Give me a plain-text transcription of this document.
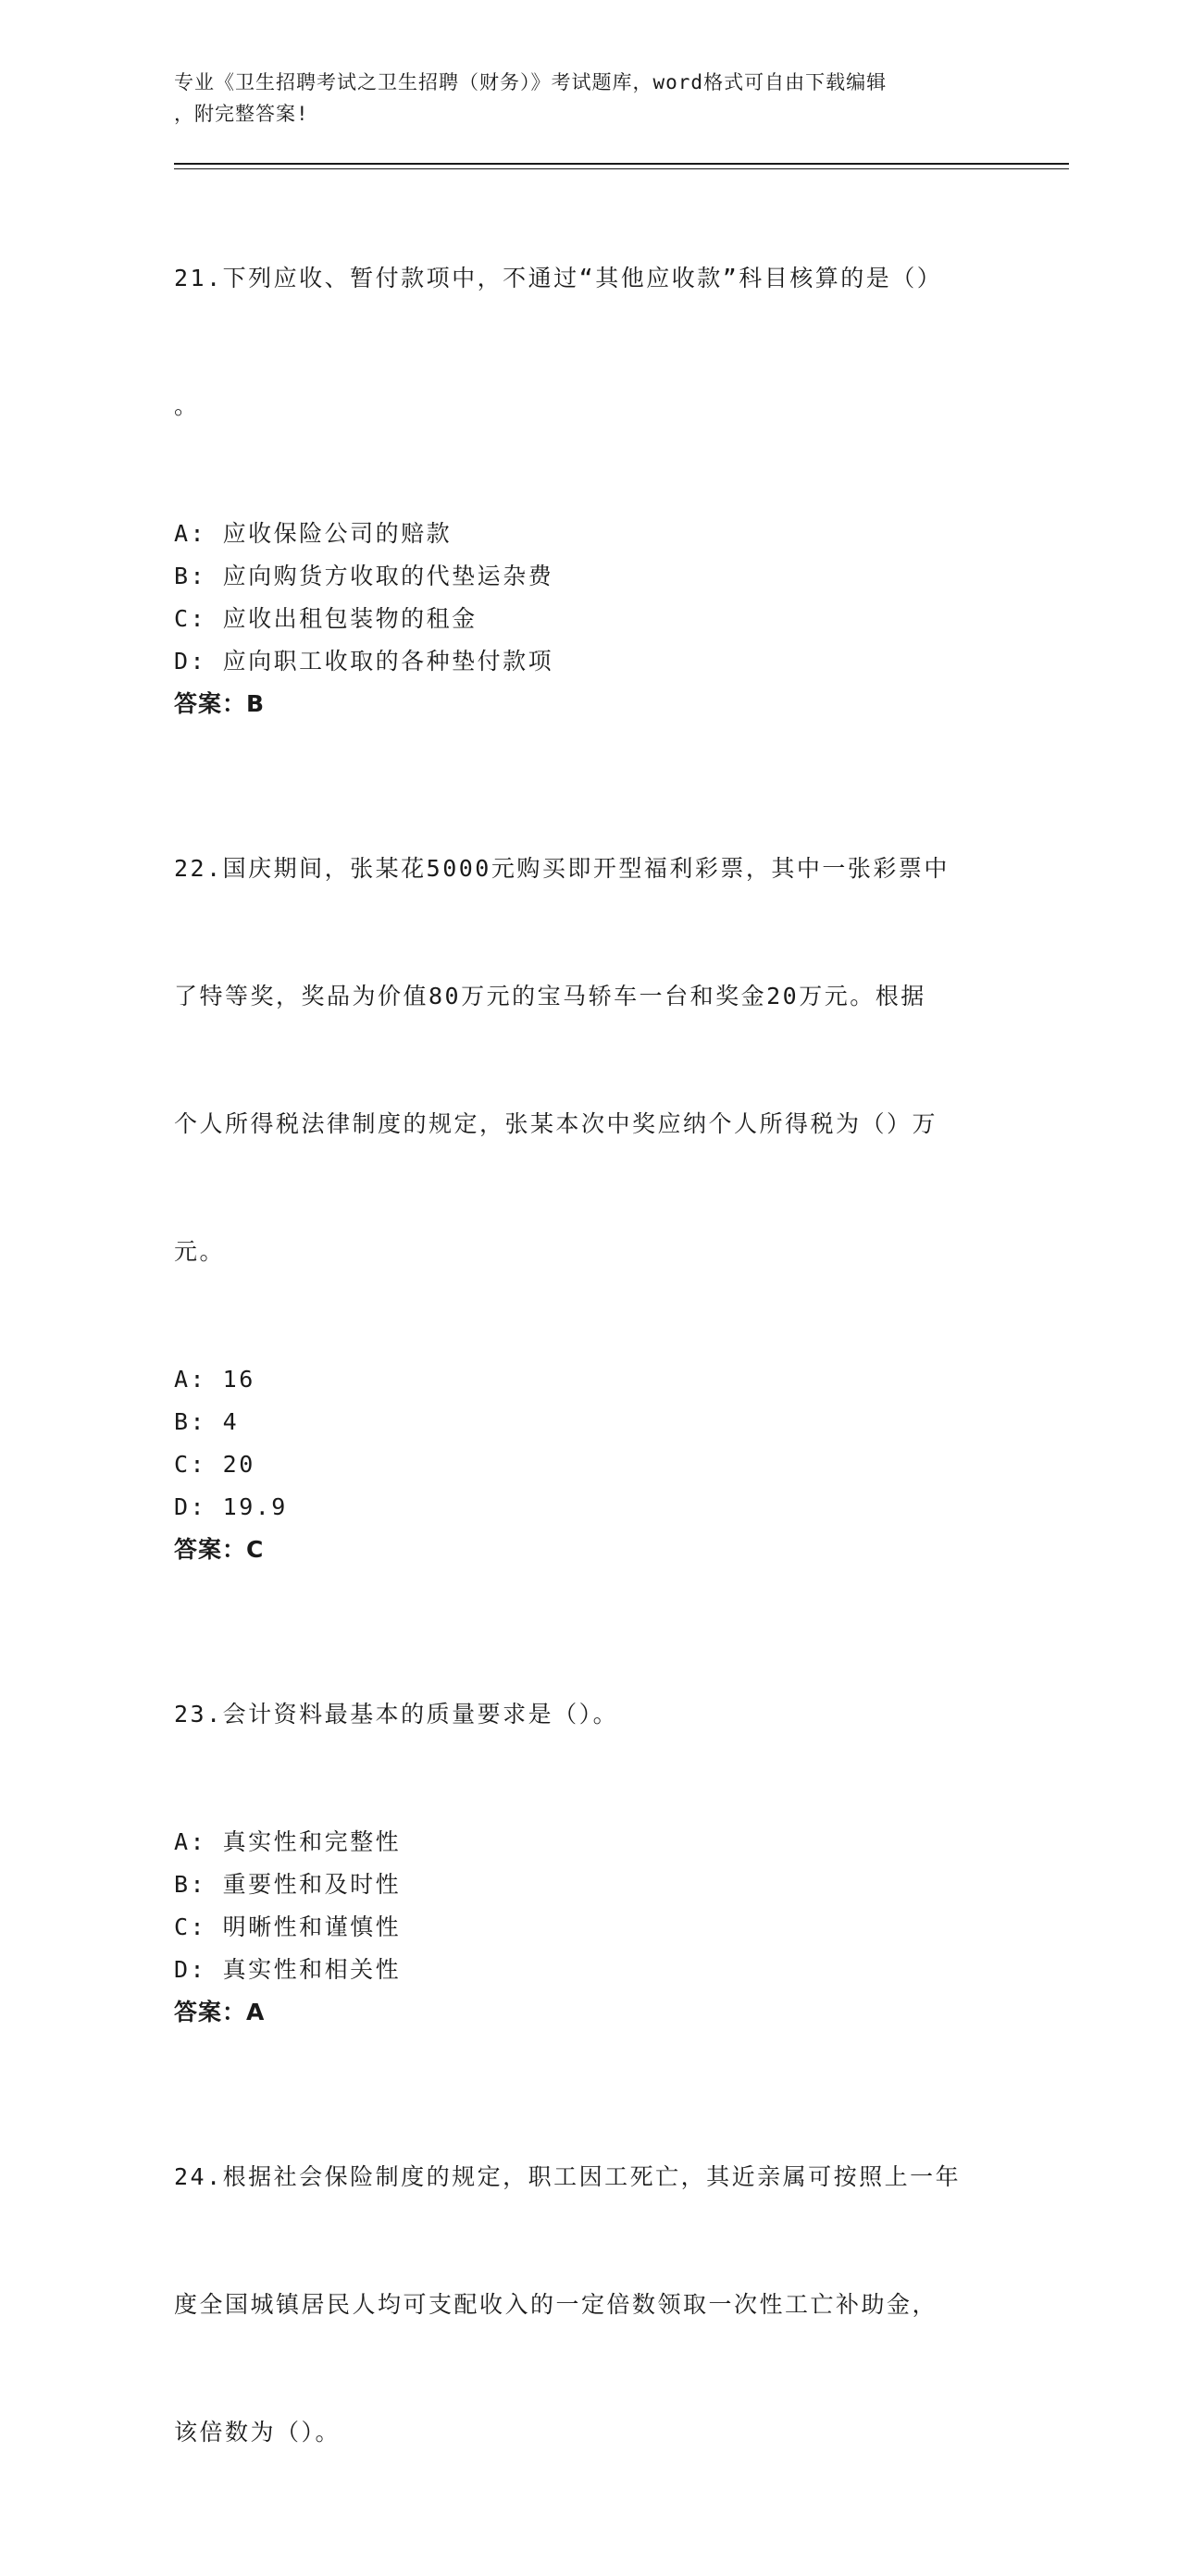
专业《卫生招聘考试之卫生招聘（财务）》考试题库，word格式可自由下载编辑
，附完整答案!

21.下列应收、暂付款项中，不通过“其他应收款”科目核算的是（）

。

A: 应收保险公司的赔款
B: 应向购货方收取的代垫运杂费
C: 应收出租包装物的租金
D: 应向职工收取的各种垫付款项
答案：B

22.国庆期间，张某花5000元购买即开型福利彩票，其中一张彩票中

了特等奖，奖品为价值80万元的宝马轿车一台和奖金20万元。根据

个人所得税法律制度的规定，张某本次中奖应纳个人所得税为（）万

元。

A: 16
B: 4
C: 20
D: 19.9
答案：C

23.会计资料最基本的质量要求是（）。

A: 真实性和完整性
B: 重要性和及时性
C: 明晰性和谨慎性
D: 真实性和相关性
答案：A

24.根据社会保险制度的规定，职工因工死亡，其近亲属可按照上一年

度全国城镇居民人均可支配收入的一定倍数领取一次性工亡补助金，

该倍数为（）。
